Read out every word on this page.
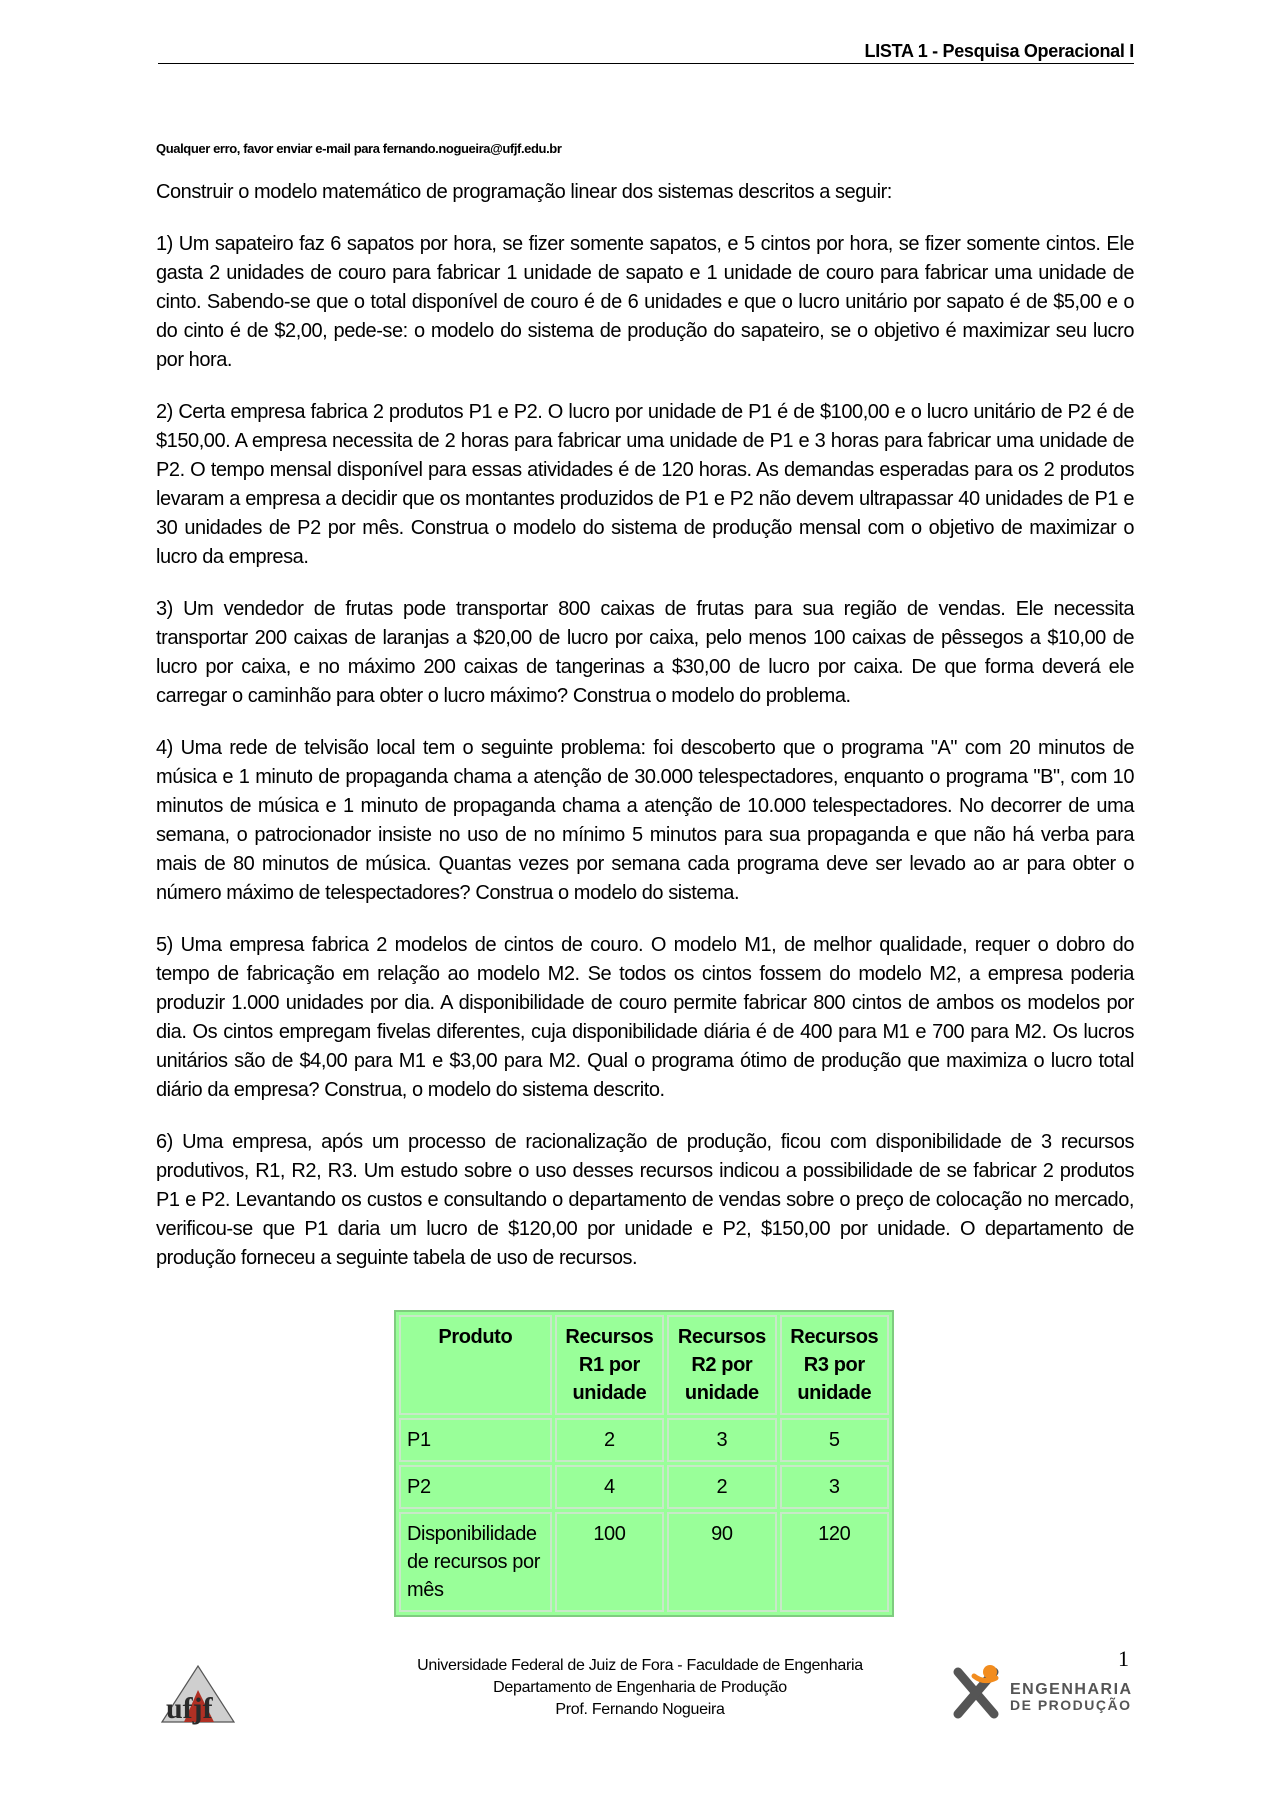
LISTA 1 - Pesquisa Operacional I
Qualquer erro, favor enviar e-mail para fernando.nogueira@ufjf.edu.br

Construir o modelo matemático de programação linear dos sistemas descritos a seguir:

1) Um sapateiro faz 6 sapatos por hora, se fizer somente sapatos, e 5 cintos por hora, se fizer somente cintos. Ele gasta 2 unidades de couro para fabricar 1 unidade de sapato e 1 unidade de couro para fabricar uma unidade de cinto. Sabendo-se que o total disponível de couro é de 6 unidades e que o lucro unitário por sapato é de $5,00 e o do cinto é de $2,00, pede-se: o modelo do sistema de produção do sapateiro, se o objetivo é maximizar seu lucro por hora.

2) Certa empresa fabrica 2 produtos P1 e P2. O lucro por unidade de P1 é de $100,00 e o lucro unitário de P2 é de $150,00. A empresa necessita de 2 horas para fabricar uma unidade de P1 e 3 horas para fabricar uma unidade de P2. O tempo mensal disponível para essas atividades é de 120 horas. As demandas esperadas para os 2 produtos levaram a empresa a decidir que os montantes produzidos de P1 e P2 não devem ultrapassar 40 unidades de P1 e 30 unidades de P2 por mês. Construa o modelo do sistema de produção mensal com o objetivo de maximizar o lucro da empresa.

3) Um vendedor de frutas pode transportar 800 caixas de frutas para sua região de vendas. Ele necessita transportar 200 caixas de laranjas a $20,00 de lucro por caixa, pelo menos 100 caixas de pêssegos a $10,00 de lucro por caixa, e no máximo 200 caixas de tangerinas a $30,00 de lucro por caixa. De que forma deverá ele carregar o caminhão para obter o lucro máximo? Construa o modelo do problema.

4) Uma rede de telvisão local tem o seguinte problema: foi descoberto que o programa "A" com 20 minutos de música e 1 minuto de propaganda chama a atenção de 30.000 telespectadores, enquanto o programa "B", com 10 minutos de música e 1 minuto de propaganda chama a atenção de 10.000 telespectadores. No decorrer de uma semana, o patrocionador insiste no uso de no mínimo 5 minutos para sua propaganda e que não há verba para mais de 80 minutos de música. Quantas vezes por semana cada programa deve ser levado ao ar para obter o número máximo de telespectadores? Construa o modelo do sistema.

5) Uma empresa fabrica 2 modelos de cintos de couro. O modelo M1, de melhor qualidade, requer o dobro do tempo de fabricação em relação ao modelo M2. Se todos os cintos fossem do modelo M2, a empresa poderia produzir 1.000 unidades por dia. A disponibilidade de couro permite fabricar 800 cintos de ambos os modelos por dia. Os cintos empregam fivelas diferentes, cuja disponibilidade diária é de 400 para M1 e 700 para M2. Os lucros unitários são de $4,00 para M1 e $3,00 para M2. Qual o programa ótimo de produção que maximiza o lucro total diário da empresa? Construa, o modelo do sistema descrito.

6) Uma empresa, após um processo de racionalização de produção, ficou com disponibilidade de 3 recursos produtivos, R1, R2, R3. Um estudo sobre o uso desses recursos indicou a possibilidade de se fabricar 2 produtos P1 e P2. Levantando os custos e consultando o departamento de vendas sobre o preço de colocação no mercado, verificou-se que P1 daria um lucro de $120,00 por unidade e P2, $150,00 por unidade. O departamento de produção forneceu a seguinte tabela de uso de recursos.

Produto	Recursos R1 por unidade	Recursos R2 por unidade	Recursos R3 por unidade
P1	2	3	5
P2	4	2	3
Disponibilidade de recursos por mês	100	90	120
ufjf
Universidade Federal de Juiz de Fora - Faculdade de Engenharia
Departamento de Engenharia de Produção
Prof. Fernando Nogueira
1
ENGENHARIA
DE PRODUÇÃO
